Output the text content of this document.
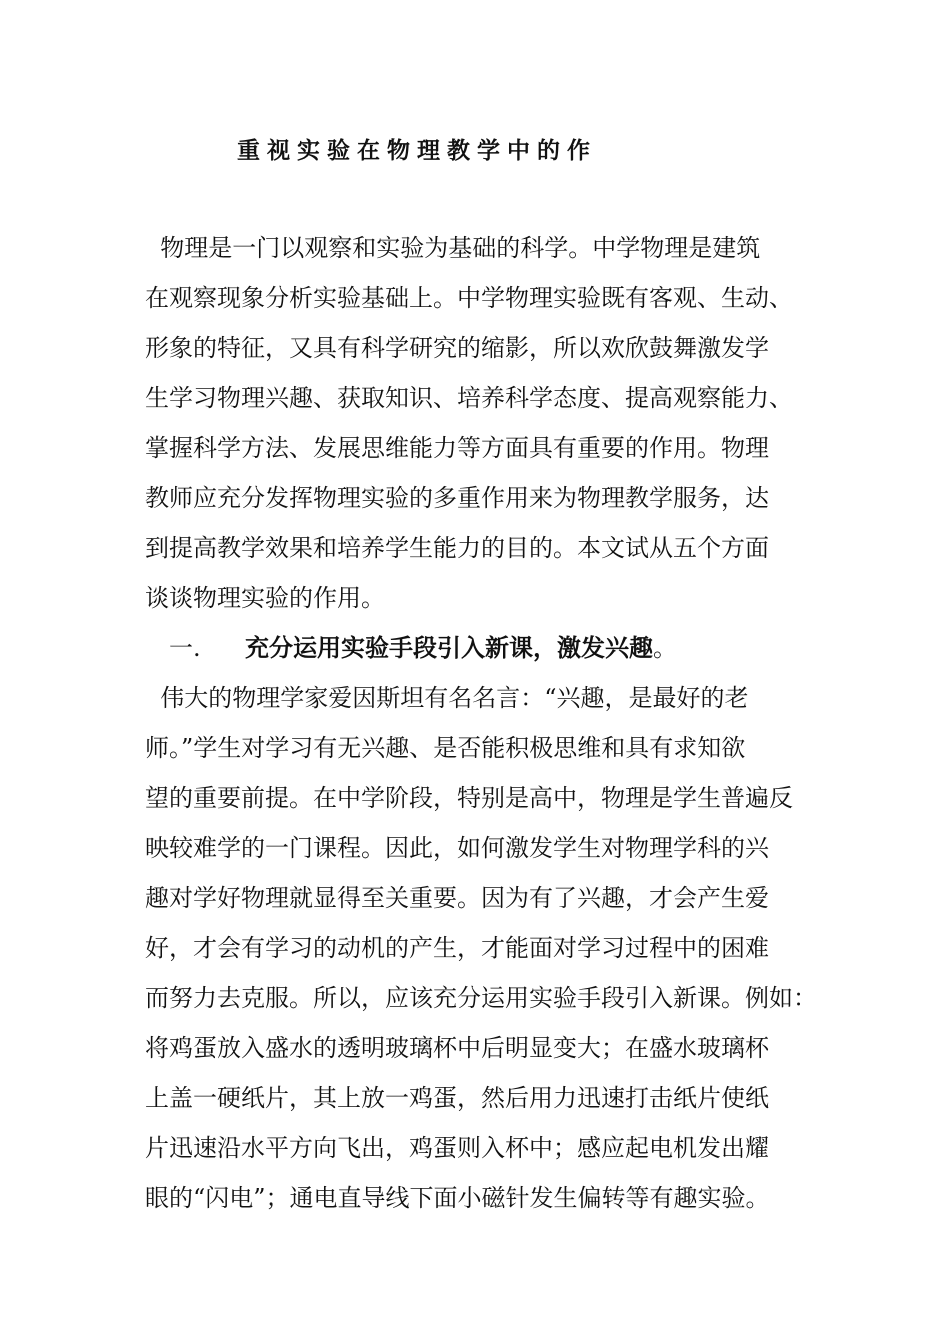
重视实验在物理教学中的作
物理是一门以观察和实验为基础的科学。中学物理是建筑
在观察现象分析实验基础上。中学物理实验既有客观、生动、
形象的特征，又具有科学研究的缩影，所以欢欣鼓舞激发学
生学习物理兴趣、获取知识、培养科学态度、提高观察能力、
掌握科学方法、发展思维能力等方面具有重要的作用。物理
教师应充分发挥物理实验的多重作用来为物理教学服务，达
到提高教学效果和培养学生能力的目的。本文试从五个方面
谈谈物理实验的作用。
一. 充分运用实验手段引入新课，激发兴趣。
伟大的物理学家爱因斯坦有名名言：“兴趣，是最好的老
师。”学生对学习有无兴趣、是否能积极思维和具有求知欲
望的重要前提。在中学阶段，特别是高中，物理是学生普遍反
映较难学的一门课程。因此，如何激发学生对物理学科的兴
趣对学好物理就显得至关重要。因为有了兴趣，才会产生爱
好，才会有学习的动机的产生，才能面对学习过程中的困难
而努力去克服。所以，应该充分运用实验手段引入新课。例如：
将鸡蛋放入盛水的透明玻璃杯中后明显变大；在盛水玻璃杯
上盖一硬纸片，其上放一鸡蛋，然后用力迅速打击纸片使纸
片迅速沿水平方向飞出，鸡蛋则入杯中；感应起电机发出耀
眼的“闪电”；通电直导线下面小磁针发生偏转等有趣实验。
